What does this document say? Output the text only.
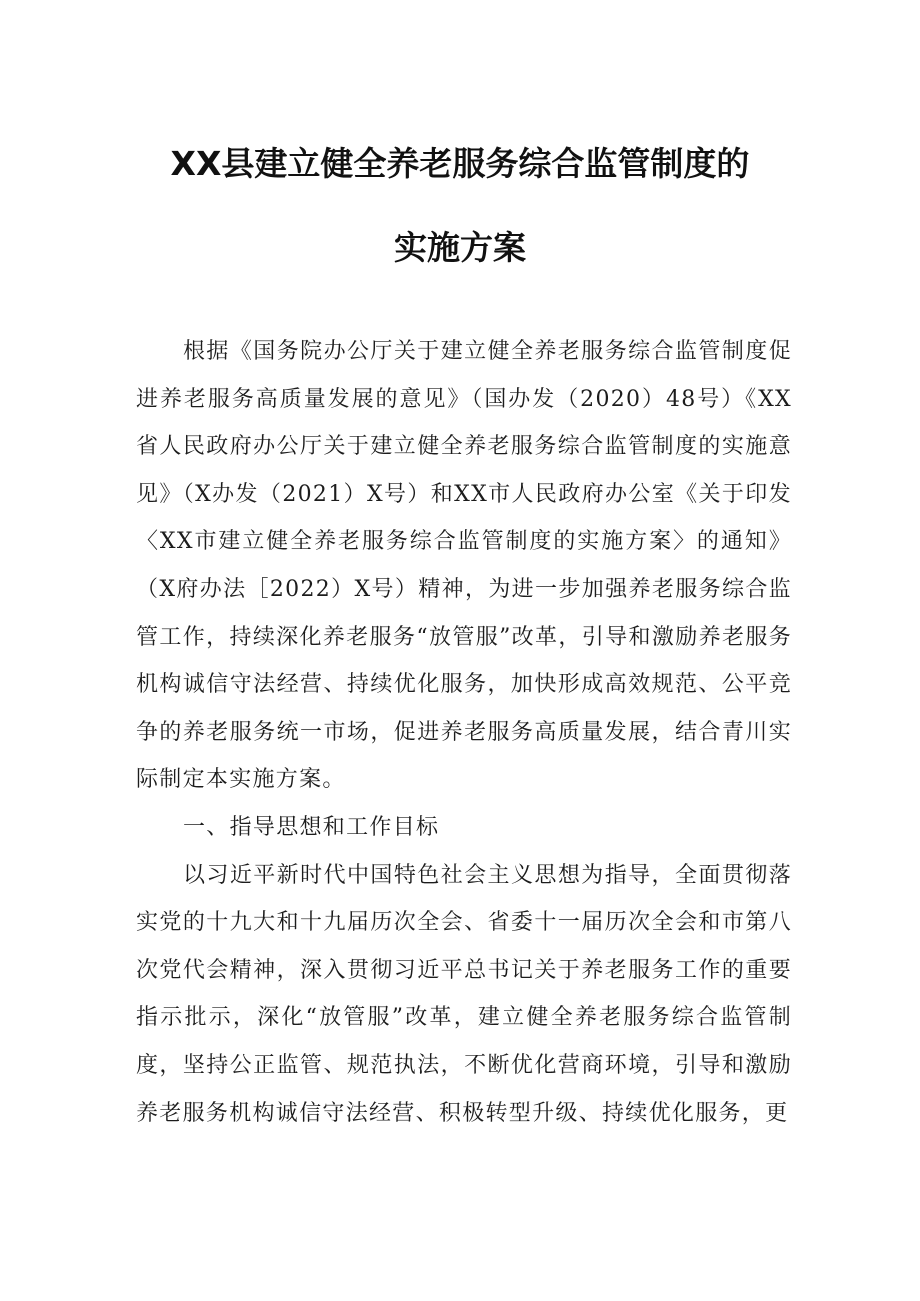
XX县建立健全养老服务综合监管制度的
实施方案

根据《国务院办公厅关于建立健全养老服务综合监管制度促进养老服务高质量发展的意见》（国办发（2020）48号）《XX省人民政府办公厅关于建立健全养老服务综合监管制度的实施意见》（X办发（2021）X号）和XX市人民政府办公室《关于印发〈XX市建立健全养老服务综合监管制度的实施方案〉的通知》（X府办法［2022）X号）精神，为进一步加强养老服务综合监管工作，持续深化养老服务“放管服”改革，引导和激励养老服务机构诚信守法经营、持续优化服务，加快形成高效规范、公平竞争的养老服务统一市场，促进养老服务高质量发展，结合青川实际制定本实施方案。

一、指导思想和工作目标

以习近平新时代中国特色社会主义思想为指导，全面贯彻落实党的十九大和十九届历次全会、省委十一届历次全会和市第八次党代会精神，深入贯彻习近平总书记关于养老服务工作的重要指示批示，深化“放管服”改革，建立健全养老服务综合监管制度，坚持公正监管、规范执法，不断优化营商环境，引导和激励养老服务机构诚信守法经营、积极转型升级、持续优化服务，更
